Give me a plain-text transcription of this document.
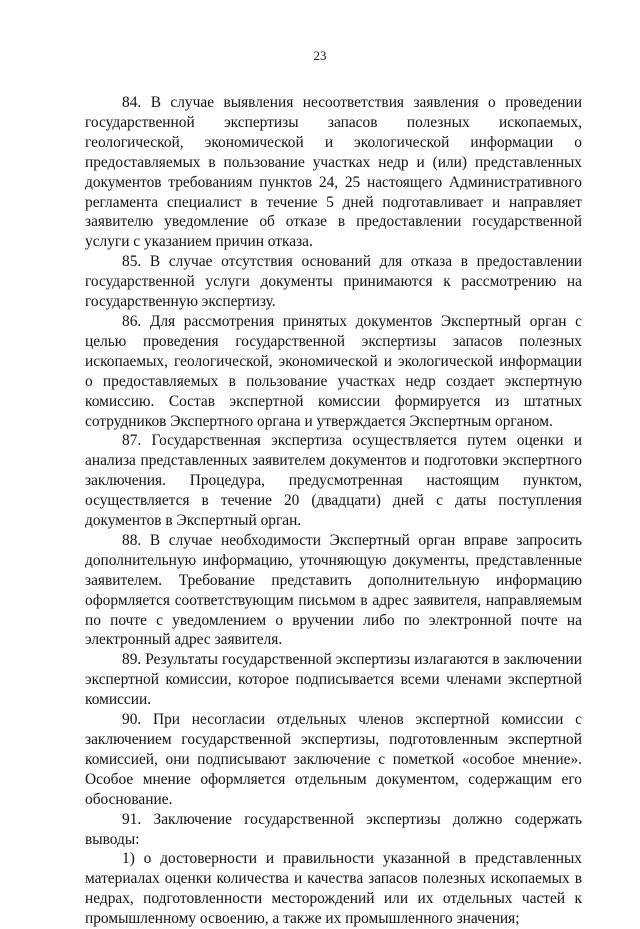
23

84. В случае выявления несоответствия заявления о проведении государственной экспертизы запасов полезных ископаемых, геологической, экономической и экологической информации о предоставляемых в пользование участках недр и (или) представленных документов требованиям пунктов 24, 25 настоящего Административного регламента специалист в течение 5 дней подготавливает и направляет заявителю уведомление об отказе в предоставлении государственной услуги с указанием причин отказа.

85. В случае отсутствия оснований для отказа в предоставлении государственной услуги документы принимаются к рассмотрению на государственную экспертизу.

86. Для рассмотрения принятых документов Экспертный орган с целью проведения государственной экспертизы запасов полезных ископаемых, геологической, экономической и экологической информации о предоставляемых в пользование участках недр создает экспертную комиссию. Состав экспертной комиссии формируется из штатных сотрудников Экспертного органа и утверждается Экспертным органом.

87. Государственная экспертиза осуществляется путем оценки и анализа представленных заявителем документов и подготовки экспертного заключения. Процедура, предусмотренная настоящим пунктом, осуществляется в течение 20 (двадцати) дней с даты поступления документов в Экспертный орган.

88. В случае необходимости Экспертный орган вправе запросить дополнительную информацию, уточняющую документы, представленные заявителем. Требование представить дополнительную информацию оформляется соответствующим письмом в адрес заявителя, направляемым по почте с уведомлением о вручении либо по электронной почте на электронный адрес заявителя.

89. Результаты государственной экспертизы излагаются в заключении экспертной комиссии, которое подписывается всеми членами экспертной комиссии.

90. При несогласии отдельных членов экспертной комиссии с заключением государственной экспертизы, подготовленным экспертной комиссией, они подписывают заключение с пометкой «особое мнение». Особое мнение оформляется отдельным документом, содержащим его обоснование.

91. Заключение государственной экспертизы должно содержать выводы:

1) о достоверности и правильности указанной в представленных материалах оценки количества и качества запасов полезных ископаемых в недрах, подготовленности месторождений или их отдельных частей к промышленному освоению, а также их промышленного значения;
